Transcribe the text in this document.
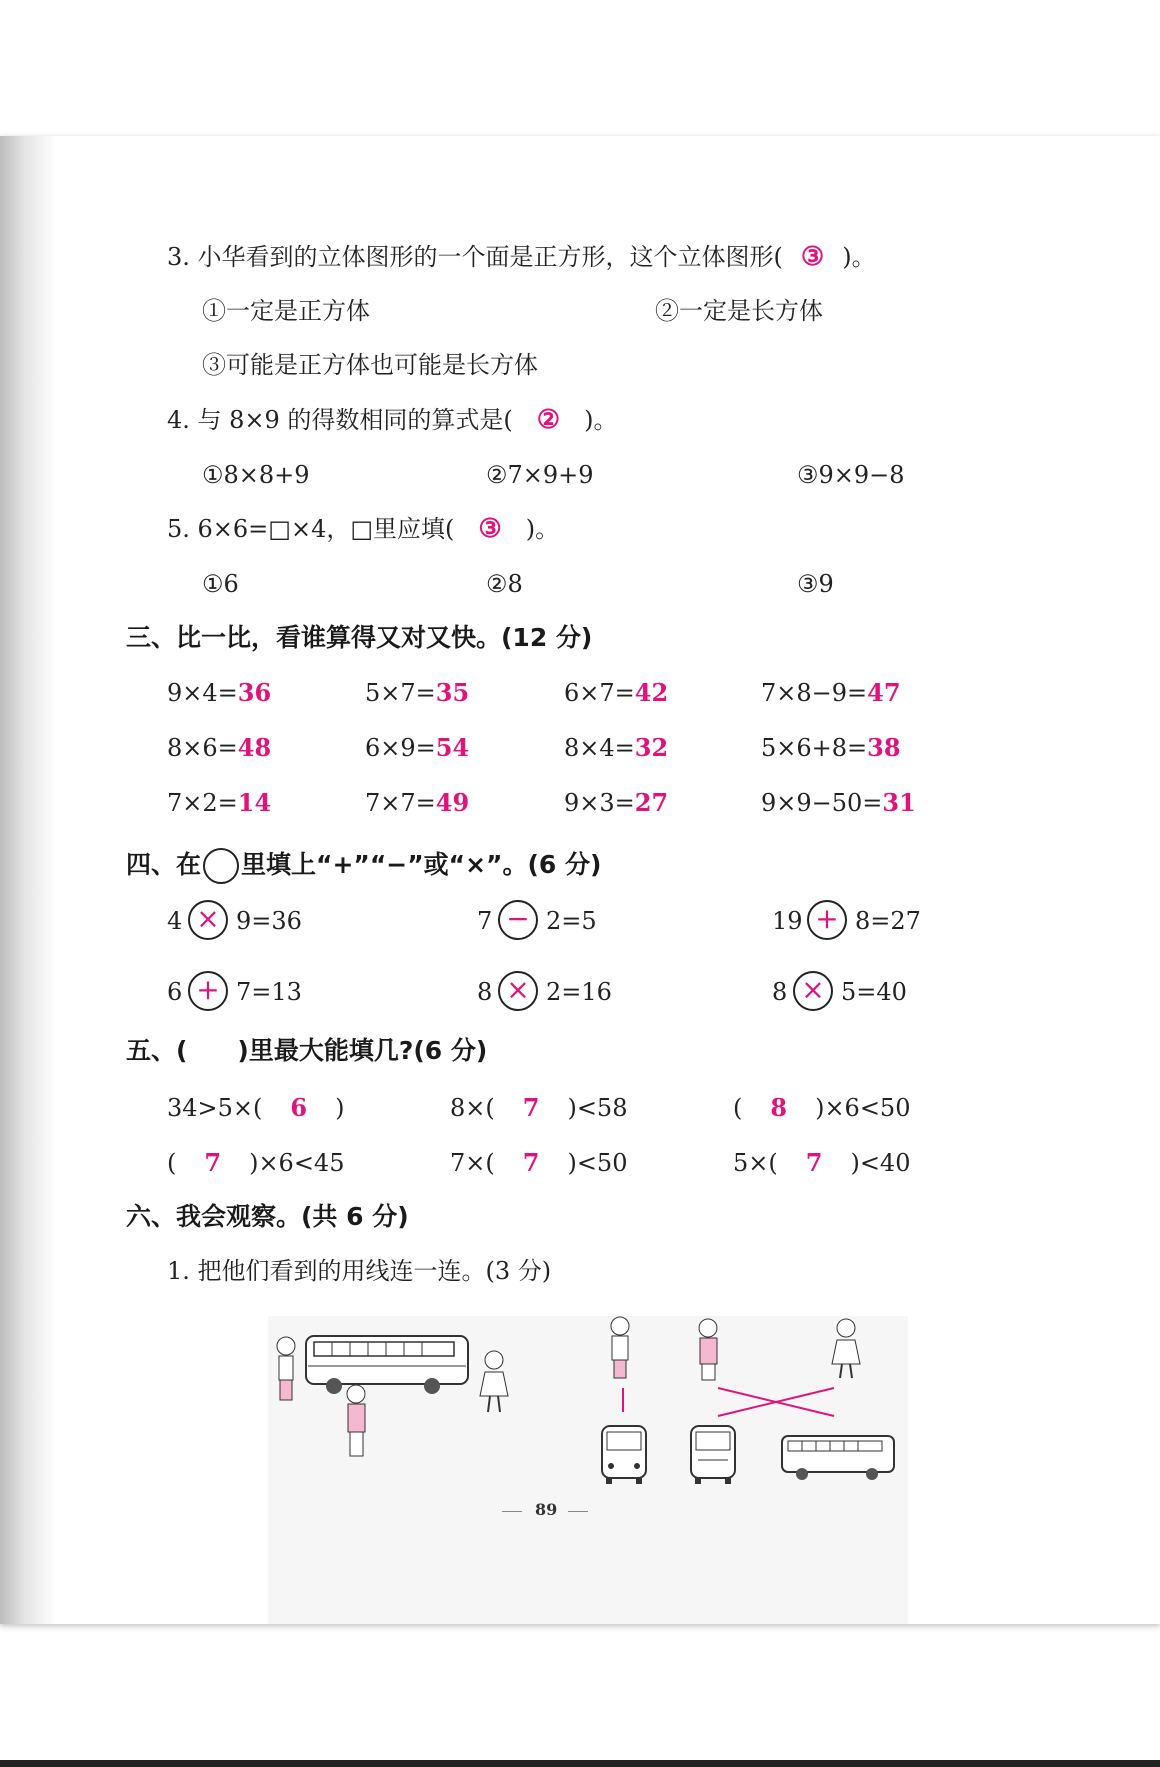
3. 小华看到的立体图形的一个面是正方形，这个立体图形( ③ )。
①一定是正方体	②一定是长方体
③可能是正方体也可能是长方体
4. 与 8×9 的得数相同的算式是( ② )。
①8×8+9	②7×9+9	③9×9−8
5. 6×6=□×4，□里应填( ③ )。
①6	②8	③9
三、比一比，看谁算得又对又快。(12 分)
9×4=36	5×7=35	6×7=42	7×8−9=47
8×6=48	6×9=54	8×4=32	5×6+8=38
7×2=14	7×7=49	9×3=27	9×9−50=31
四、在 里填上“+”“−”或“×”。(6 分)
4 × 9=36	7 − 2=5	19 + 8=27
6 + 7=13	8 × 2=16	8 × 5=40
五、(　　)里最大能填几?(6 分)
34>5×( 6 )	8×( 7 )<58	( 8 )×6<50
( 7 )×6<45	7×( 7 )<50	5×( 7 )<40
六、我会观察。(共 6 分)
1. 把他们看到的用线连一连。(3 分)
89
